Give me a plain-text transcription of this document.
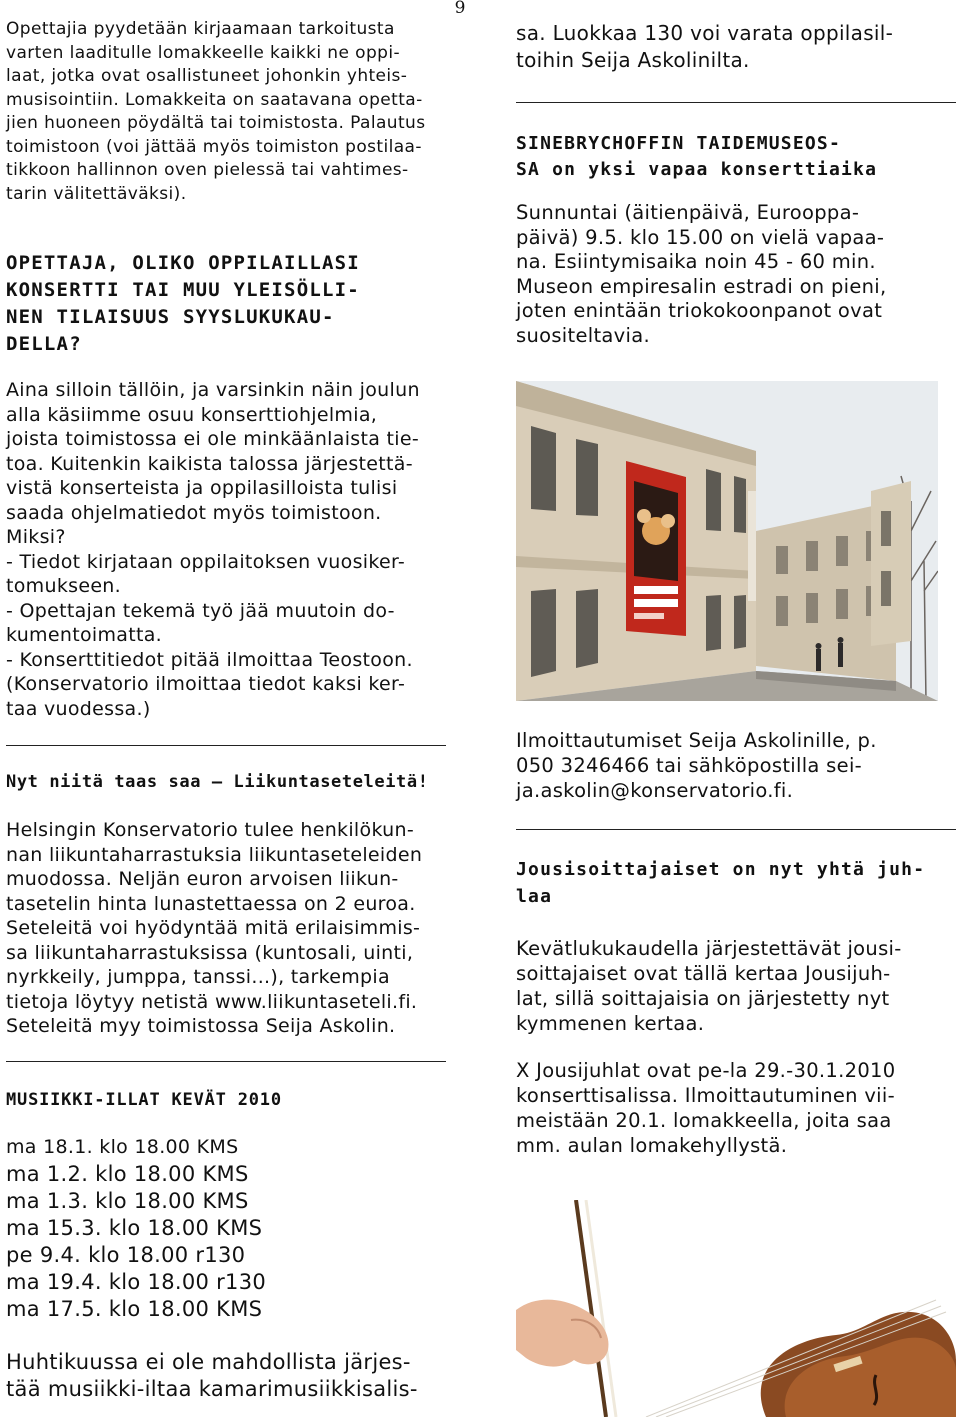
9

Opettajia pyydetään kirjaamaan tarkoitusta

varten laaditulle lomakkeelle kaikki ne oppi-

laat, jotka ovat osallistuneet johonkin yhteis-

musisointiin. Lomakkeita on saatavana opetta-

jien huoneen pöydältä tai toimistosta. Palautus

toimistoon (voi jättää myös toimiston postilaa-

tikkoon hallinnon oven pielessä tai vahtimes-

tarin välitettäväksi).

_________________________________

OPETTAJA, OLIKO OPPILAILLASI

KONSERTTI TAI MUU YLEISÖLLI-

NEN TILAISUUS SYYSLUKUKAU-

DELLA?

Aina silloin tällöin, ja varsinkin näin joulun

alla käsiimme osuu konserttiohjelmia,

joista toimistossa ei ole minkäänlaista tie-

toa. Kuitenkin kaikista talossa järjestettä-

vistä konserteista ja oppilasilloista tulisi

saada ohjelmatiedot myös toimistoon.

Miksi?

- Tiedot kirjataan oppilaitoksen vuosiker-

tomukseen.

- Opettajan tekemä työ jää muutoin do-

kumentoimatta.

- Konserttitiedot pitää ilmoittaa Teostoon.

(Konservatorio ilmoittaa tiedot kaksi ker-

taa vuodessa.)

Nyt niitä taas saa — Liikuntaseteleitä!

Helsingin Konservatorio tulee henkilökun-

nan liikuntaharrastuksia liikuntaseteleiden

muodossa. Neljän euron arvoisen liikun-

tasetelin hinta lunastettaessa on 2 euroa.

Seteleitä voi hyödyntää mitä erilaisimmis-

sa liikuntaharrastuksissa (kuntosali, uinti,

nyrkkeily, jumppa, tanssi...), tarkempia

tietoja löytyy netistä www.liikuntaseteli.fi.

Seteleitä myy toimistossa Seija Askolin.

MUSIIKKI-ILLAT KEVÄT 2010

ma 18.1. klo 18.00 KMS

ma 1.2. klo 18.00 KMS

ma 1.3. klo 18.00 KMS

ma 15.3. klo 18.00 KMS

pe 9.4. klo 18.00 r130

ma 19.4. klo 18.00 r130

ma 17.5. klo 18.00 KMS

Huhtikuussa ei ole mahdollista järjes-

tää musiikki-iltaa kamarimusiikkisalis-

sa. Luokkaa 130 voi varata oppilasil-

toihin Seija Askolinilta.

SINEBRYCHOFFIN TAIDEMUSEOS-

SA on yksi vapaa konserttiaika

Sunnuntai (äitienpäivä, Eurooppa-

päivä) 9.5. klo 15.00 on vielä vapaa-

na. Esiintymisaika noin 45 - 60 min.

Museon empiresalin estradi on pieni,

joten enintään triokokoonpanot ovat

suositeltavia.

Ilmoittautumiset Seija Askolinille, p.

050 3246466 tai sähköpostilla sei-

ja.askolin@konservatorio.fi.

Jousisoittajaiset on nyt yhtä juh-

laa

Kevätlukukaudella järjestettävät jousi-

soittajaiset ovat tällä kertaa Jousijuh-

lat, sillä soittajaisia on järjestetty nyt

kymmenen kertaa.

X Jousijuhlat ovat pe-la 29.-30.1.2010

konserttisalissa. Ilmoittautuminen vii-

meistään 20.1. lomakkeella, joita saa

mm. aulan lomakehyllystä.
